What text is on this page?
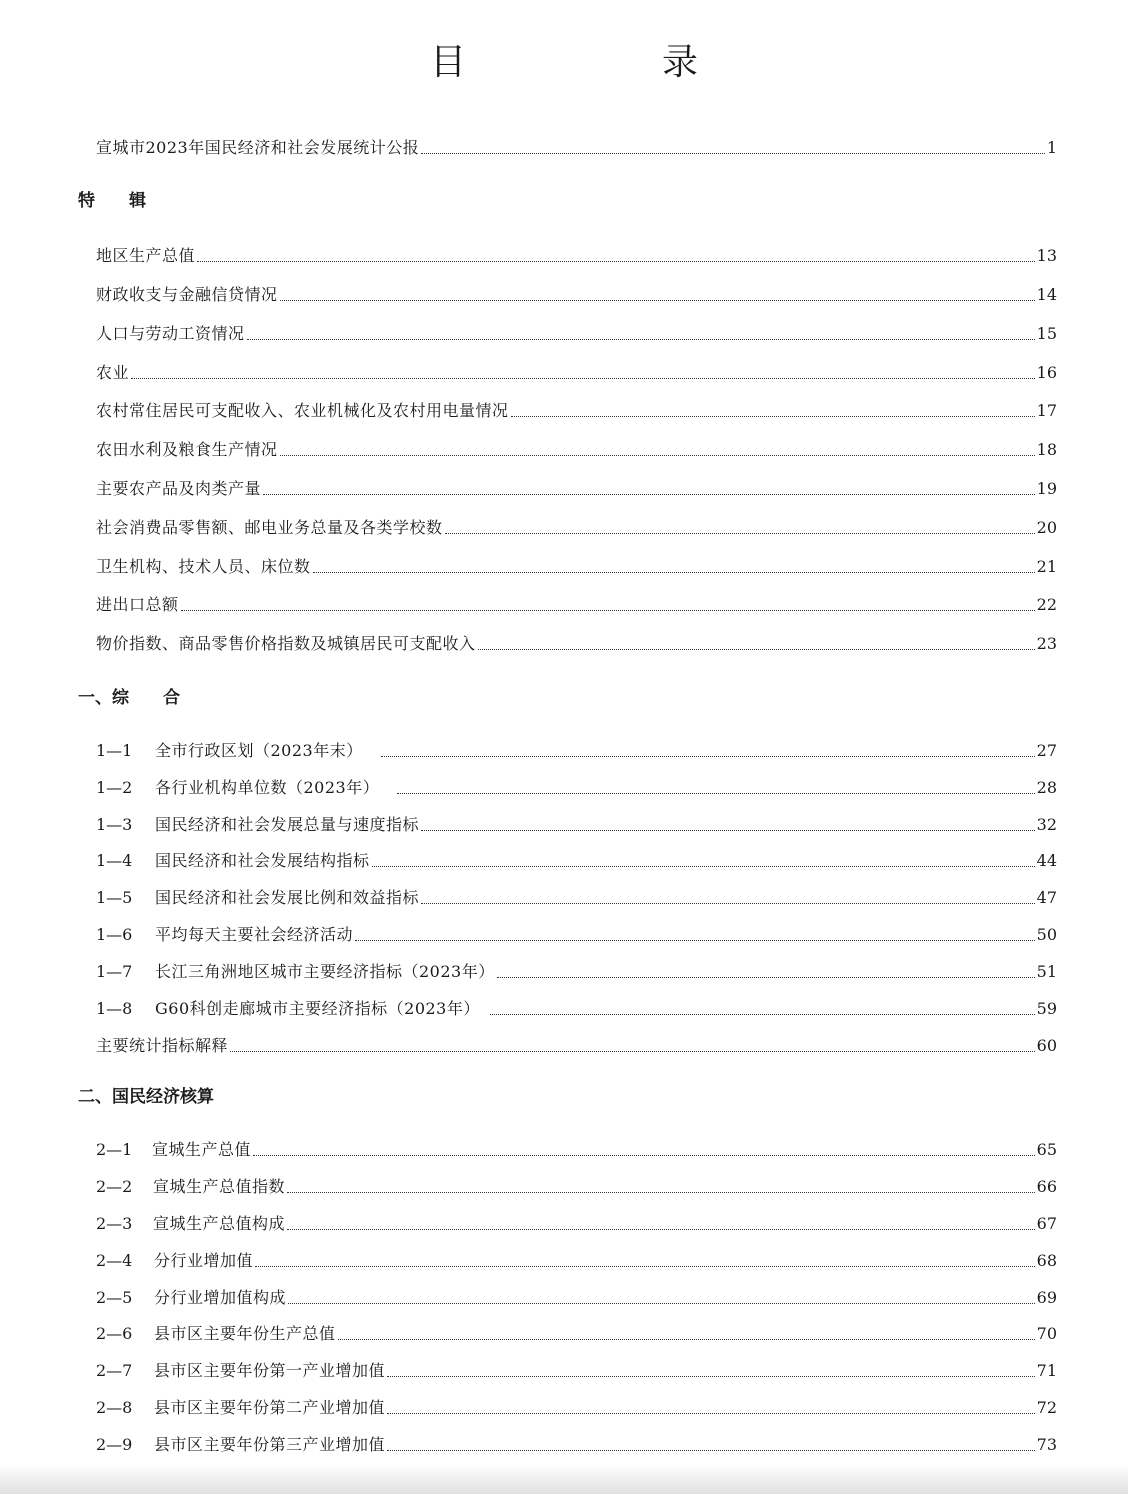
目　录
宣城市2023年国民经济和社会发展统计公报	1
特　　辑
地区生产总值	13
财政收支与金融信贷情况	14
人口与劳动工资情况	15
农业	16
农村常住居民可支配收入、农业机械化及农村用电量情况	17
农田水利及粮食生产情况	18
主要农产品及肉类产量	19
社会消费品零售额、邮电业务总量及各类学校数	20
卫生机构、技术人员、床位数	21
进出口总额	22
物价指数、商品零售价格指数及城镇居民可支配收入	23
一、综　　合
1—1	全市行政区划（2023年末）	27
1—2	各行业机构单位数（2023年）	28
1—3	国民经济和社会发展总量与速度指标	32
1—4	国民经济和社会发展结构指标	44
1—5	国民经济和社会发展比例和效益指标	47
1—6	平均每天主要社会经济活动	50
1—7	长江三角洲地区城市主要经济指标（2023年）	51
1—8	G60科创走廊城市主要经济指标（2023年）	59
主要统计指标解释	60
二、国民经济核算
2—1	宣城生产总值	65
2—2	宣城生产总值指数	66
2—3	宣城生产总值构成	67
2—4	分行业增加值	68
2—5	分行业增加值构成	69
2—6	县市区主要年份生产总值	70
2—7	县市区主要年份第一产业增加值	71
2—8	县市区主要年份第二产业增加值	72
2—9	县市区主要年份第三产业增加值	73
